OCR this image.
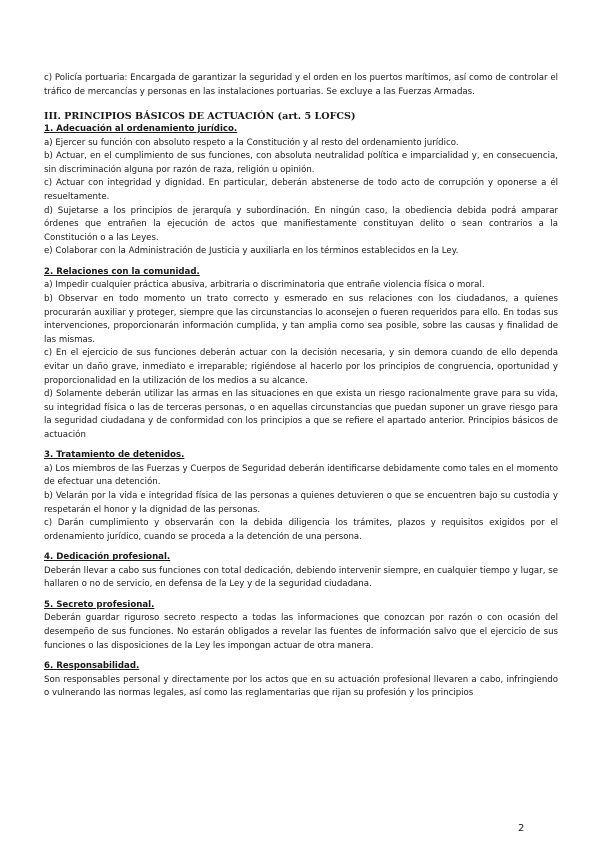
c) Policía portuaria: Encargada de garantizar la seguridad y el orden en los puertos marítimos, así como de controlar el tráfico de mercancías y personas en las instalaciones portuarias. Se excluye a las Fuerzas Armadas.

III. PRINCIPIOS BÁSICOS DE ACTUACIÓN (art. 5 LOFCS)
1. Adecuación al ordenamiento jurídico.

a) Ejercer su función con absoluto respeto a la Constitución y al resto del ordenamiento jurídico.

b) Actuar, en el cumplimiento de sus funciones, con absoluta neutralidad política e imparcialidad y, en consecuencia, sin discriminación alguna por razón de raza, religión u opinión.

c) Actuar con integridad y dignidad. En particular, deberán abstenerse de todo acto de corrupción y oponerse a él resueltamente.

d) Sujetarse a los principios de jerarquía y subordinación. En ningún caso, la obediencia debida podrá amparar órdenes que entrañen la ejecución de actos que manifiestamente constituyan delito o sean contrarios a la Constitución o a las Leyes.

e) Colaborar con la Administración de Justicia y auxiliarla en los términos establecidos en la Ley.

2. Relaciones con la comunidad.

a) Impedir cualquier práctica abusiva, arbitraria o discriminatoria que entrañe violencia física o moral.

b) Observar en todo momento un trato correcto y esmerado en sus relaciones con los ciudadanos, a quienes procurarán auxiliar y proteger, siempre que las circunstancias lo aconsejen o fueren requeridos para ello. En todas sus intervenciones, proporcionarán información cumplida, y tan amplia como sea posible, sobre las causas y finalidad de las mismas.

c) En el ejercicio de sus funciones deberán actuar con la decisión necesaria, y sin demora cuando de ello dependa evitar un daño grave, inmediato e irreparable; rigiéndose al hacerlo por los principios de congruencia, oportunidad y proporcionalidad en la utilización de los medios a su alcance.

d) Solamente deberán utilizar las armas en las situaciones en que exista un riesgo racionalmente grave para su vida, su integridad física o las de terceras personas, o en aquellas circunstancias que puedan suponer un grave riesgo para la seguridad ciudadana y de conformidad con los principios a que se refiere el apartado anterior. Principios básicos de actuación

3. Tratamiento de detenidos.

a) Los miembros de las Fuerzas y Cuerpos de Seguridad deberán identificarse debidamente como tales en el momento de efectuar una detención.

b) Velarán por la vida e integridad física de las personas a quienes detuvieren o que se encuentren bajo su custodia y respetarán el honor y la dignidad de las personas.

c) Darán cumplimiento y observarán con la debida diligencia los trámites, plazos y requisitos exigidos por el ordenamiento jurídico, cuando se proceda a la detención de una persona.

4. Dedicación profesional.

Deberán llevar a cabo sus funciones con total dedicación, debiendo intervenir siempre, en cualquier tiempo y lugar, se hallaren o no de servicio, en defensa de la Ley y de la seguridad ciudadana.

5. Secreto profesional.

Deberán guardar riguroso secreto respecto a todas las informaciones que conozcan por razón o con ocasión del desempeño de sus funciones. No estarán obligados a revelar las fuentes de información salvo que el ejercicio de sus funciones o las disposiciones de la Ley les impongan actuar de otra manera.

6. Responsabilidad.

Son responsables personal y directamente por los actos que en su actuación profesional llevaren a cabo, infringiendo o vulnerando las normas legales, así como las reglamentarias que rijan su profesión y los principios

2
